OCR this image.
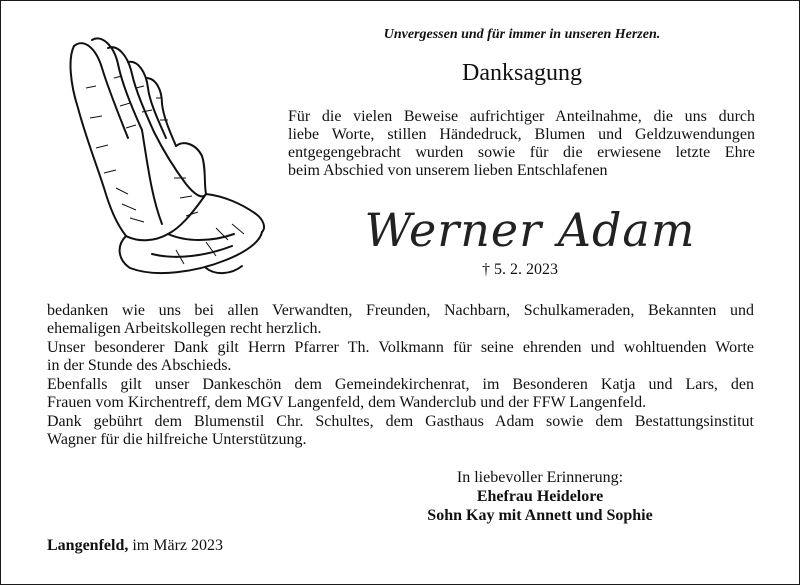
Unvergessen und für immer in unseren Herzen.
Danksagung
Für die vielen Beweise aufrichtiger Anteilnahme, die uns durch
liebe Worte, stillen Händedruck, Blumen und Geldzuwendungen
entgegengebracht wurden sowie für die erwiesene letzte Ehre
beim Abschied von unserem lieben Entschlafenen
Werner Adam
† 5. 2. 2023

bedanken wie uns bei allen Verwandten, Freunden, Nachbarn, Schulkameraden, Bekannten und
ehemaligen Arbeitskollegen recht herzlich.

Unser besonderer Dank gilt Herrn Pfarrer Th. Volkmann für seine ehrenden und wohltuenden Worte
in der Stunde des Abschieds.

Ebenfalls gilt unser Dankeschön dem Gemeindekirchenrat, im Besonderen Katja und Lars, den
Frauen vom Kirchentreff, dem MGV Langenfeld, dem Wanderclub und der FFW Langenfeld.

Dank gebührt dem Blumenstil Chr. Schultes, dem Gasthaus Adam sowie dem Bestattungsinstitut
Wagner für die hilfreiche Unterstützung.

In liebevoller Erinnerung:
Ehefrau Heidelore
Sohn Kay mit Annett und Sophie
Langenfeld, im März 2023
